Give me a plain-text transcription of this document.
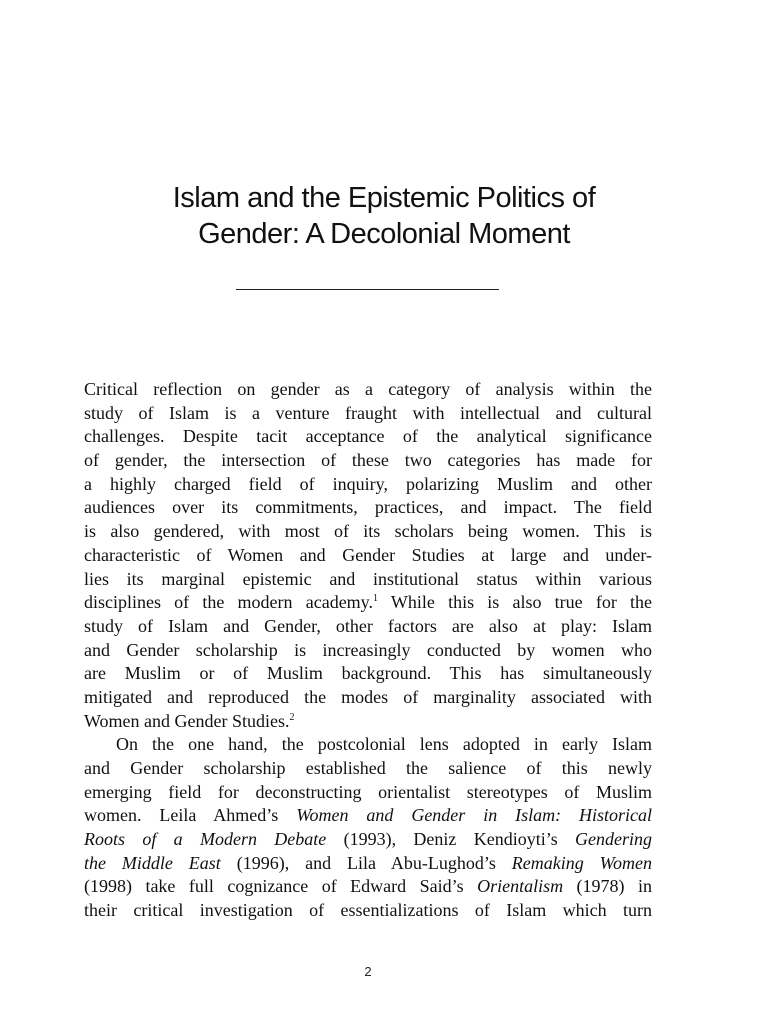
Islam and the Epistemic Politics of
Gender: A Decolonial Moment
Critical reflection on gender as a category of analysis within the
study of Islam is a venture fraught with intellectual and cultural
challenges. Despite tacit acceptance of the analytical significance
of gender, the intersection of these two categories has made for
a highly charged field of inquiry, polarizing Muslim and other
audiences over its commitments, practices, and impact. The field
is also gendered, with most of its scholars being women. This is
characteristic of Women and Gender Studies at large and under-
lies its marginal epistemic and institutional status within various
disciplines of the modern academy.$^1$ While this is also true for the
study of Islam and Gender, other factors are also at play: Islam
and Gender scholarship is increasingly conducted by women who
are Muslim or of Muslim background. This has simultaneously
mitigated and reproduced the modes of marginality associated with
Women and Gender Studies.$^2$
On the one hand, the postcolonial lens adopted in early Islam
and Gender scholarship established the salience of this newly
emerging field for deconstructing orientalist stereotypes of Muslim
women. Leila Ahmed’s Women and Gender in Islam: Historical
Roots of a Modern Debate (1993), Deniz Kendioyti’s Gendering
the Middle East (1996), and Lila Abu-Lughod’s Remaking Women
(1998) take full cognizance of Edward Said’s Orientalism (1978) in
their critical investigation of essentializations of Islam which turn
2
